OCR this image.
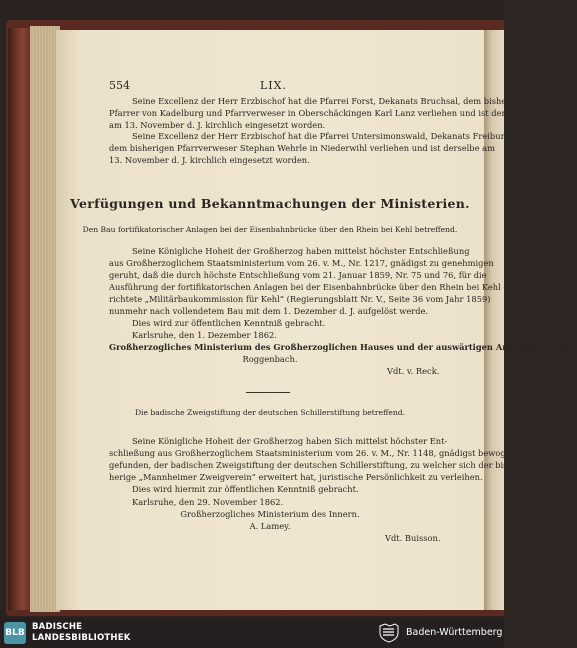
554	LIX.
Seine Excellenz der Herr Erzbischof hat die Pfarrei Forst, Dekanats Bruchsal, dem bisherigen
Pfarrer von Kadelburg und Pfarrverweser in Oberschäckingen Karl Lanz verliehen und ist derselbe
am 13. November d. J. kirchlich eingesetzt worden.
Seine Excellenz der Herr Erzbischof hat die Pfarrei Untersimonswald, Dekanats Freiburg,
dem bisherigen Pfarrverweser Stephan Wehrle in Niederwihl verliehen und ist derselbe am
13. November d. J. kirchlich eingesetzt worden.
Verfügungen und Bekanntmachungen der Ministerien.
Den Bau fortifikatorischer Anlagen bei der Eisenbahnbrücke über den Rhein bei Kehl betreffend.
Seine Königliche Hoheit der Großherzog haben mittelst höchster Entschließung
aus Großherzoglichem Staatsministerium vom 26. v. M., Nr. 1217, gnädigst zu genehmigen
geruht, daß die durch höchste Entschließung vom 21. Januar 1859, Nr. 75 und 76, für die
Ausführung der fortifikatorischen Anlagen bei der Eisenbahnbrücke über den Rhein bei Kehl er-
richtete „Militärbaukommission für Kehl“ (Regierungsblatt Nr. V., Seite 36 vom Jahr 1859)
nunmehr nach vollendetem Bau mit dem 1. Dezember d. J. aufgelöst werde.
Dies wird zur öffentlichen Kenntniß gebracht.
Karlsruhe, den 1. Dezember 1862.
Großherzogliches Ministerium des Großherzoglichen Hauses und der auswärtigen Angelegenheiten.
Roggenbach.
Vdt. v. Reck.
Die badische Zweigstiftung der deutschen Schillerstiftung betreffend.
Seine Königliche Hoheit der Großherzog haben Sich mittelst höchster Ent-
schließung aus Großherzoglichem Staatsministerium vom 26. v. M., Nr. 1148, gnädigst bewogen
gefunden, der badischen Zweigstiftung der deutschen Schillerstiftung, zu welcher sich der bis-
herige „Mannheimer Zweigverein“ erweitert hat, juristische Persönlichkeit zu verleihen.
Dies wird hiermit zur öffentlichen Kenntniß gebracht.
Karlsruhe, den 29. November 1862.
Großherzogliches Ministerium des Innern.
A. Lamey.
Vdt. Buisson.
BLB
BADISCHE
LANDESBIBLIOTHEK	Baden-Württemberg
